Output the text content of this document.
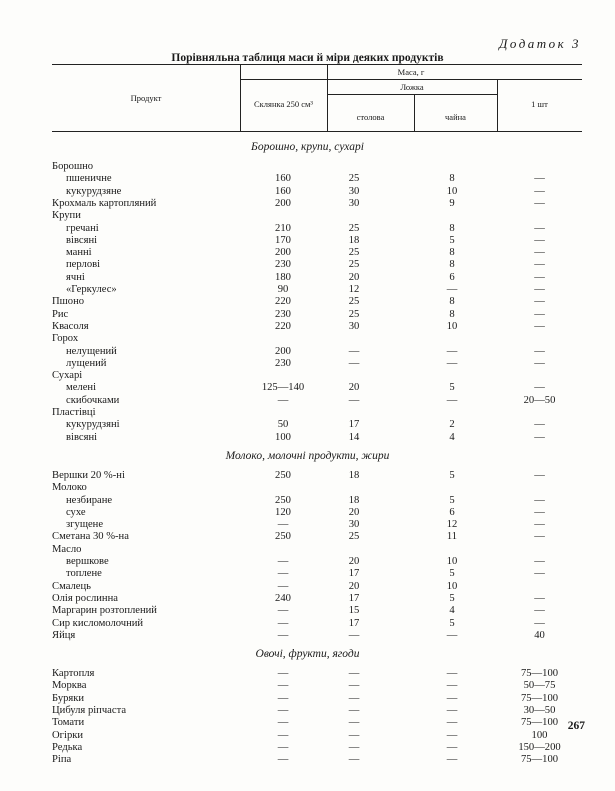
Додаток 3
Порівняльна таблиця маси й міри деяких продуктів
Продукт
Маса, г
Склянка 250 см³
Ложка
столова	чайна
1 шт
Борошно, крупи, сухарі
Борошно
пшеничне	160	25	8	—
кукурудзяне	160	30	10	—
Крохмаль картопляний	200	30	9	—
Крупи
гречані	210	25	8	—
вівсяні	170	18	5	—
манні	200	25	8	—
перлові	230	25	8	—
ячні	180	20	6	—
«Геркулес»	90	12	—	—
Пшоно	220	25	8	—
Рис	230	25	8	—
Квасоля	220	30	10	—
Горох
нелущений	200	—	—	—
лущений	230	—	—	—
Сухарі
мелені	125—140	20	5	—
скибочками	—	—	—	20—50
Пластівці
кукурудзяні	50	17	2	—
вівсяні	100	14	4	—
Молоко, молочні продукти, жири
Вершки 20 %-ні	250	18	5	—
Молоко
незбиране	250	18	5	—
сухе	120	20	6	—
згущене	—	30	12	—
Сметана 30 %-на	250	25	11	—
Масло
вершкове	—	20	10	—
топлене	—	17	5	—
Смалець	—	20	10
Олія рослинна	240	17	5	—
Маргарин розтоплений	—	15	4	—
Сир кисломолочний	—	17	5	—
Яйця	—	—	—	40
Овочі, фрукти, ягоди
Картопля	—	—	—	75—100
Морква	—	—	—	50—75
Буряки	—	—	—	75—100
Цибуля ріпчаста	—	—	—	30—50
Томати	—	—	—	75—100
Огірки	—	—	—	100
Редька	—	—	—	150—200
Ріпа	—	—	—	75—100
267
